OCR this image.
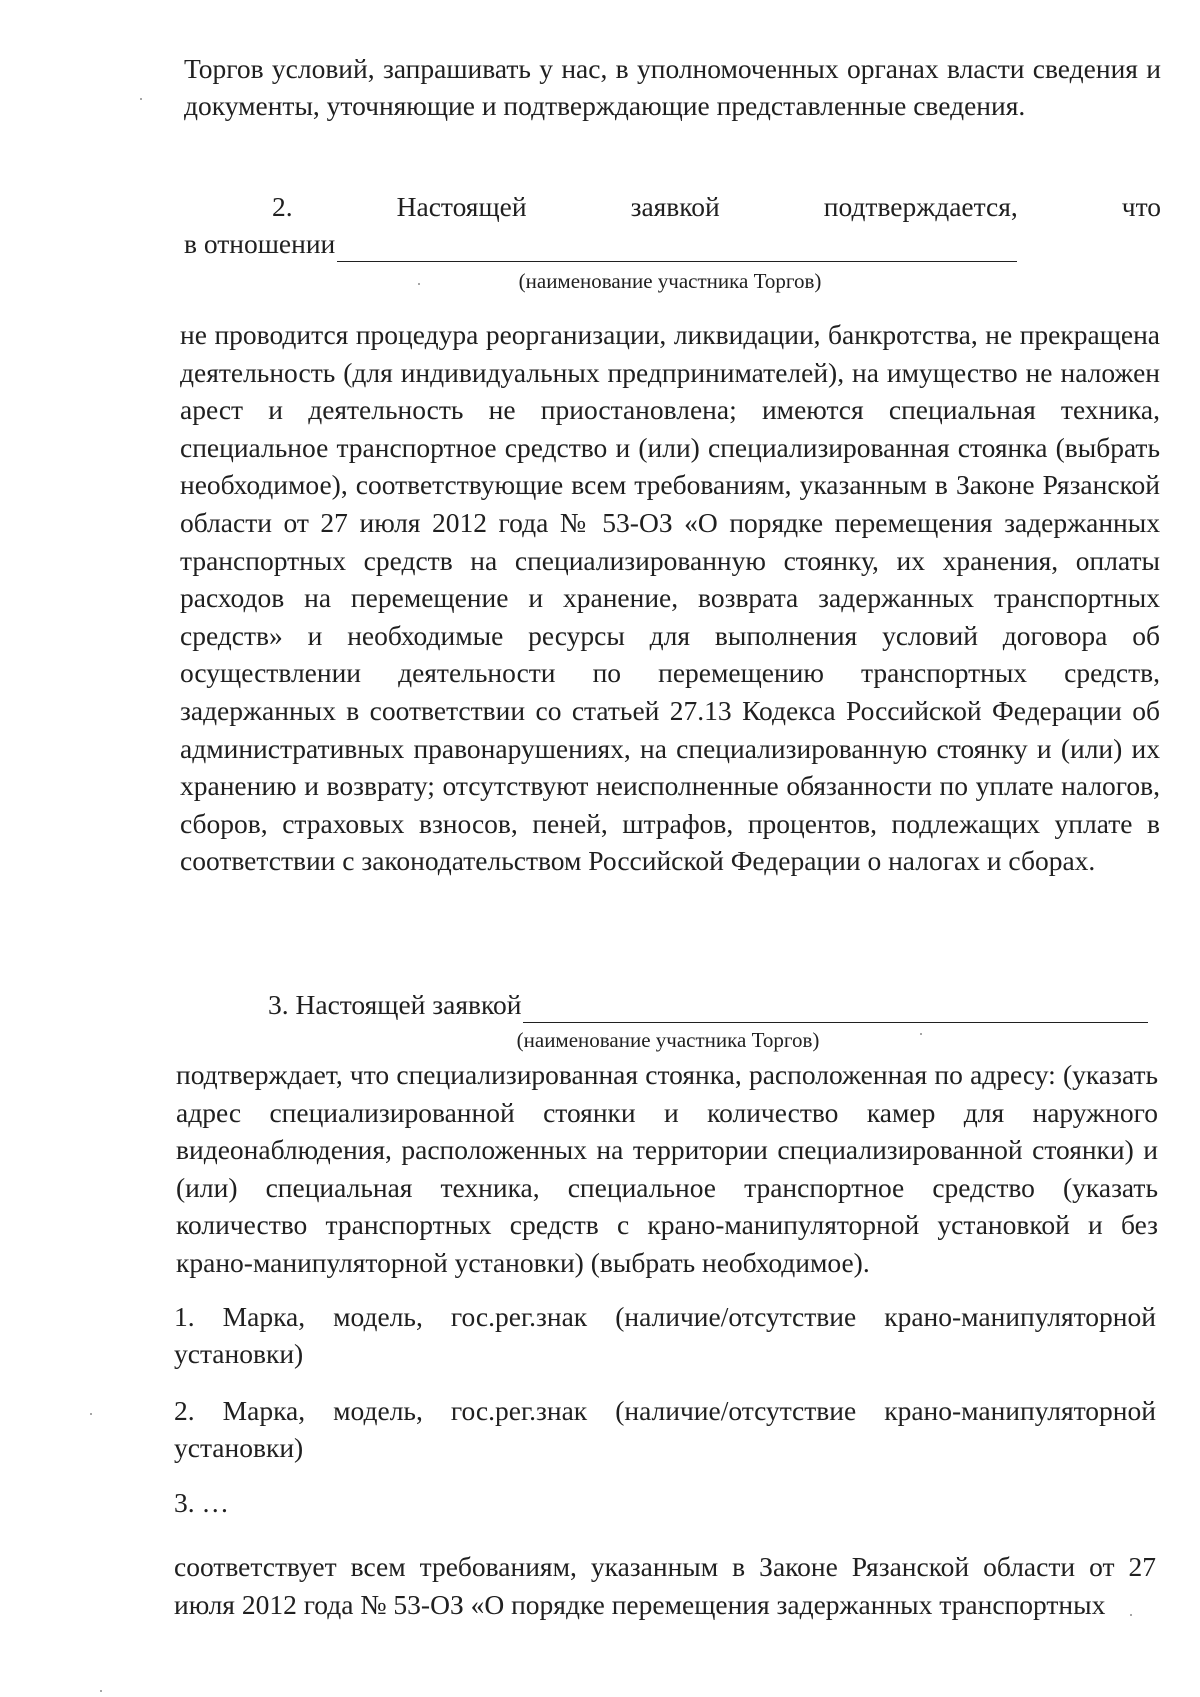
Торгов условий, запрашивать у нас, в уполномоченных органах власти сведения и документы, уточняющие и подтверждающие представленные сведения.

2.	Настоящей	заявкой	подтверждается,	что
в отношении
(наименование участника Торгов)

не проводится процедура реорганизации, ликвидации, банкротства, не прекращена деятельность (для индивидуальных предпринимателей), на имущество не наложен арест и деятельность не приостановлена; имеются специальная техника, специальное транспортное средство и (или) специализированная стоянка (выбрать необходимое), соответствующие всем требованиям, указанным в Законе Рязанской области от 27 июля 2012 года № 53-ОЗ «О порядке перемещения задержанных транспортных средств на специализированную стоянку, их хранения, оплаты расходов на перемещение и хранение, возврата задержанных транспортных средств» и необходимые ресурсы для выполнения условий договора об осуществлении деятельности по перемещению транспортных средств, задержанных в соответствии со статьей 27.13 Кодекса Российской Федерации об административных правонарушениях, на специализированную стоянку и (или) их хранению и возврату; отсутствуют неисполненные обязанности по уплате налогов, сборов, страховых взносов, пеней, штрафов, процентов, подлежащих уплате в соответствии с законодательством Российской Федерации о налогах и сборах.

3. Настоящей заявкой
(наименование участника Торгов)

подтверждает, что специализированная стоянка, расположенная по адресу: (указать адрес специализированной стоянки и количество камер для наружного видеонаблюдения, расположенных на территории специализированной стоянки) и (или) специальная техника, специальное транспортное средство (указать количество транспортных средств с крано-манипуляторной установкой и без крано-манипуляторной установки) (выбрать необходимое).

1. Марка, модель, гос.рег.знак (наличие/отсутствие крано-манипуляторной установки)

2. Марка, модель, гос.рег.знак (наличие/отсутствие крано-манипуляторной установки)

3. …

соответствует всем требованиям, указанным в Законе Рязанской области от 27 июля 2012 года № 53-ОЗ «О порядке перемещения задержанных транспортных
